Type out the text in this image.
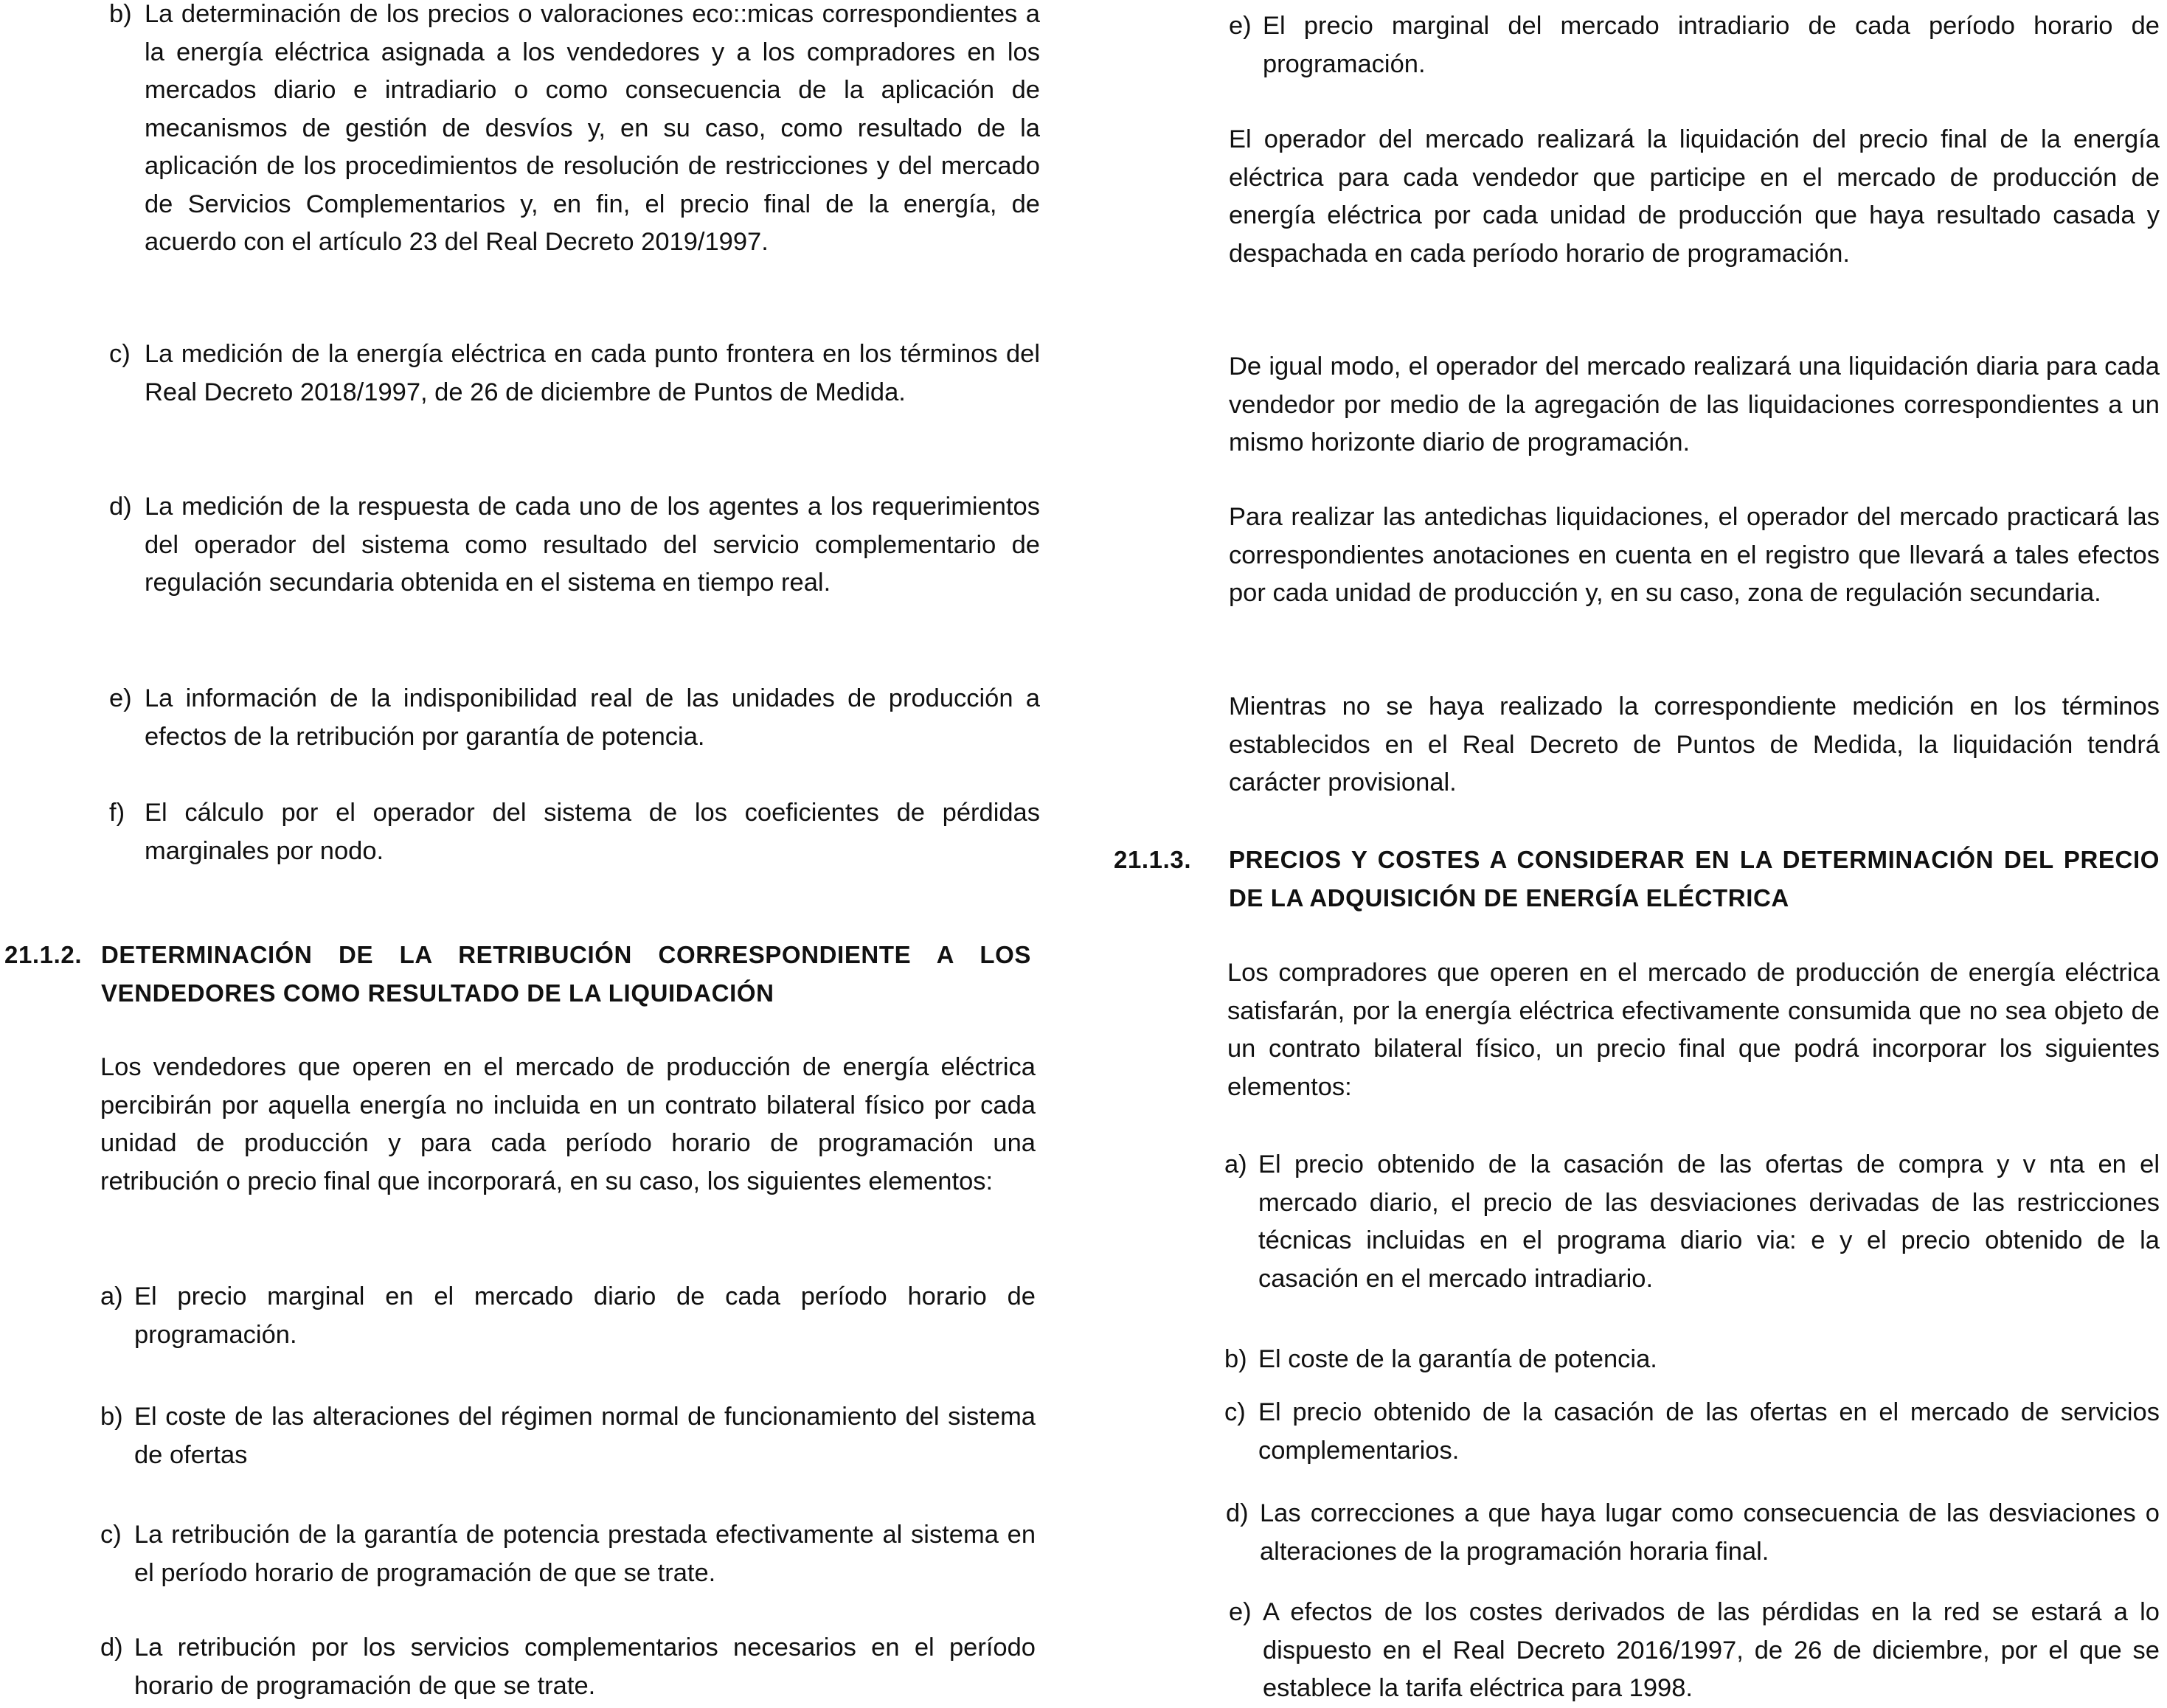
b) La determinación de los precios o valoraciones eco::micas correspondientes a la energía eléctrica asignada a los vendedores y a los compradores en los mercados diario e intradiario o como consecuencia de la aplicación de mecanismos de gestión de desvíos y, en su caso, como resultado de la aplicación de los procedimientos de resolución de restricciones y del mercado de Servicios Complementarios y, en fin, el precio final de la energía, de acuerdo con el artículo 23 del Real Decreto 2019/1997.
c) La medición de la energía eléctrica en cada punto frontera en los términos del Real Decreto 2018/1997, de 26 de diciembre de Puntos de Medida.
d) La medición de la respuesta de cada uno de los agentes a los requerimientos del operador del sistema como resultado del servicio complementario de regulación secundaria obtenida en el sistema en tiempo real.
e) La información de la indisponibilidad real de las unidades de producción a efectos de la retribución por garantía de potencia.
f) El cálculo por el operador del sistema de los coeficientes de pérdidas marginales por nodo.
21.1.2. DETERMINACIÓN DE LA RETRIBUCIÓN CORRESPONDIENTE A LOS VENDEDORES COMO RESULTADO DE LA LIQUIDACIÓN
Los vendedores que operen en el mercado de producción de energía eléctrica percibirán por aquella energía no incluida en un contrato bilateral físico por cada unidad de producción y para cada período horario de programación una retribución o precio final que incorporará, en su caso, los siguientes elementos:
a) El precio marginal en el mercado diario de cada período horario de programación.
b) El coste de las alteraciones del régimen normal de funcionamiento del sistema de ofertas
c) La retribución de la garantía de potencia prestada efectivamente al sistema en el período horario de programación de que se trate.
d) La retribución por los servicios complementarios necesarios en el período horario de programación de que se trate.
e) El precio marginal del mercado intradiario de cada período horario de programación.
El operador del mercado realizará la liquidación del precio final de la energía eléctrica para cada vendedor que participe en el mercado de producción de energía eléctrica por cada unidad de producción que haya resultado casada y despachada en cada período horario de programación.
De igual modo, el operador del mercado realizará una liquidación diaria para cada vendedor por medio de la agregación de las liquidaciones correspondientes a un mismo horizonte diario de programación.
Para realizar las antedichas liquidaciones, el operador del mercado practicará las correspondientes anotaciones en cuenta en el registro que llevará a tales efectos por cada unidad de producción y, en su caso, zona de regulación secundaria.
Mientras no se haya realizado la correspondiente medición en los términos establecidos en el Real Decreto de Puntos de Medida, la liquidación tendrá carácter provisional.
21.1.3. PRECIOS Y COSTES A CONSIDERAR EN LA DETERMINACIÓN DEL PRECIO DE LA ADQUISICIÓN DE ENERGÍA ELÉCTRICA
Los compradores que operen en el mercado de producción de energía eléctrica satisfarán, por la energía eléctrica efectivamente consumida que no sea objeto de un contrato bilateral físico, un precio final que podrá incorporar los siguientes elementos:
a) El precio obtenido de la casación de las ofertas de compra y v nta en el mercado diario, el precio de las desviaciones derivadas de las restricciones técnicas incluidas en el programa diario via: e y el precio obtenido de la casación en el mercado intradiario.
b) El coste de la garantía de potencia.
c) El precio obtenido de la casación de las ofertas en el mercado de servicios complementarios.
d) Las correcciones a que haya lugar como consecuencia de las desviaciones o alteraciones de la programación horaria final.
e) A efectos de los costes derivados de las pérdidas en la red se estará a lo dispuesto en el Real Decreto 2016/1997, de 26 de diciembre, por el que se establece la tarifa eléctrica para 1998.
